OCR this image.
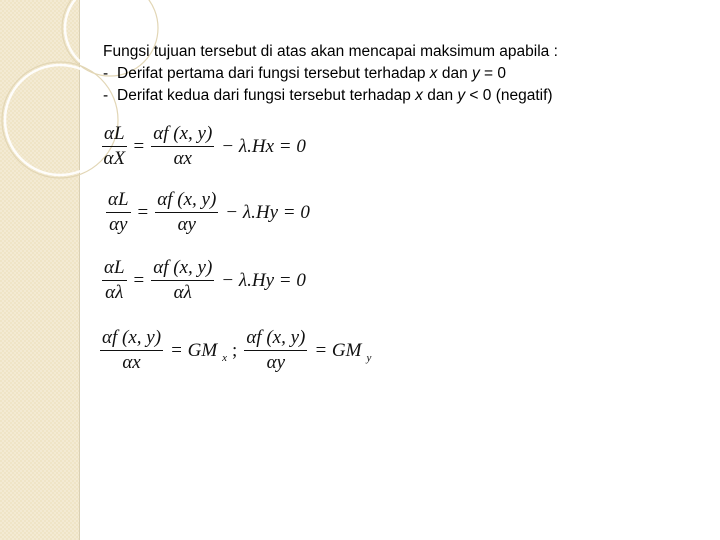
Fungsi tujuan tersebut di atas akan mencapai maksimum apabila :

- Derifat pertama dari fungsi tersebut terhadap x dan y = 0

- Derifat kedua dari fungsi tersebut terhadap x dan y < 0 (negatif)

$\frac{\alpha L}{\alpha X} = \frac{\alpha f (x, y)}{\alpha x} - \lambda.Hx = 0$
$\frac{\alpha L}{\alpha y} = \frac{\alpha f (x, y)}{\alpha y} - \lambda.Hy = 0$
$\frac{\alpha L}{\alpha\lambda} = \frac{\alpha f (x, y)}{\alpha\lambda} - \lambda.Hy = 0$
$\frac{\alpha f (x, y)}{\alpha x}$ = GM x ; $\frac{\alpha f (x, y)}{\alpha y}$ = GM y
